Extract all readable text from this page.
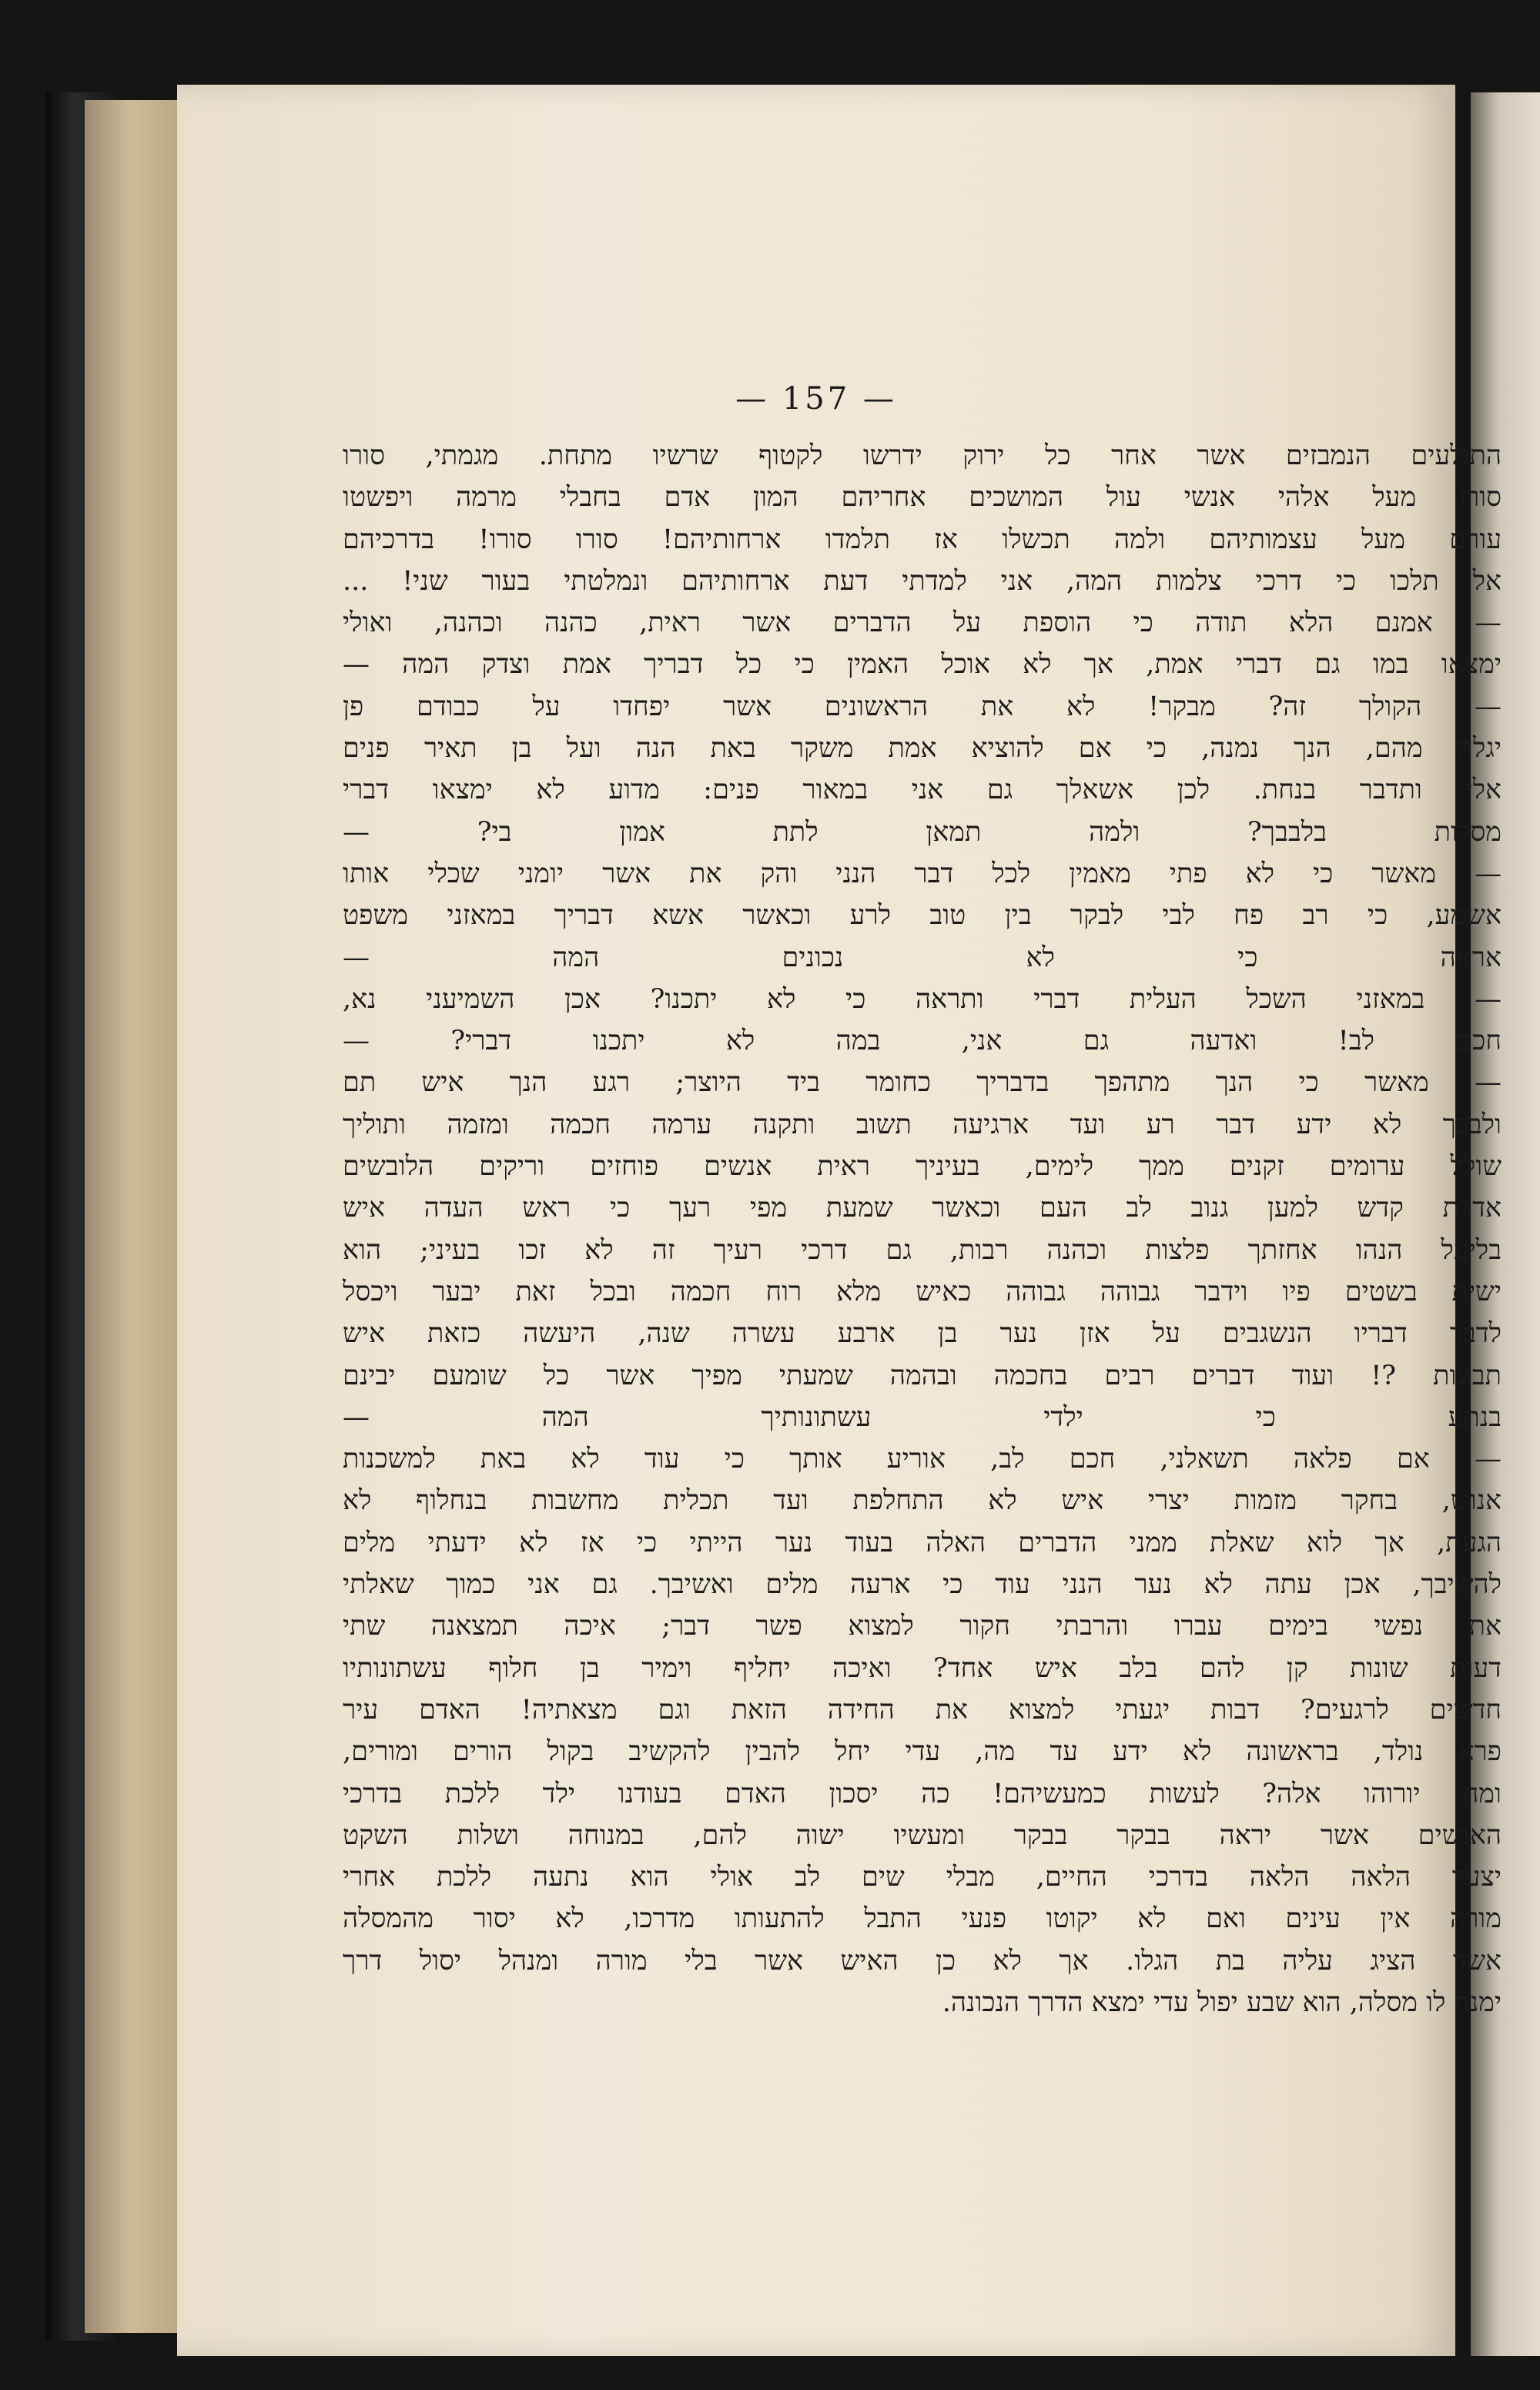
— 157 —
התולעים הנמבזים אשר אחר כל ירוק ידרשו לקטוף שרשיו מתחת. מגמתי, סורו
סורו מעל אלהי אנשי עול המושכים אחריהם המון אדם בחבלי מרמה ויפשטו
עורם מעל עצמותיהם ולמה תכשלו אז תלמדו ארחותיהם! סורו סורו! בדרכיהם
אל תלכו כי דרכי צלמות המה, אני למדתי דעת ארחותיהם ונמלטתי בעור שני! ...
— אמנם הלא תודה כי הוספת על הדברים אשר ראית, כהנה וכהנה, ואולי
ימצאו במו גם דברי אמת, אך לא אוכל האמין כי כל דבריך אמת וצדק המה —
— הקולך זה? מבקר! לא את הראשונים אשר יפחדו על כבודם פן
יגלה מהם, הנך נמנה, כי אם להוציא אמת משקר באת הנה ועל בן תאיר פנים
אלי ותדבר בנחת. לכן אשאלך גם אני במאור פנים: מדוע לא ימצאו דברי
מסלות בלבבך? ולמה תמאן לתת אמון בי? —
— מאשר כי לא פתי מאמין לכל דבר הנני והק את אשר יומני שכלי אותו
אשמע, כי רב פח לבי לבקר בין טוב לרע וכאשר אשא דבריך במאזני משפט
אראה כי לא נכונים המה —
— במאזני השכל העלית דברי ותראה כי לא יתכנו? אכן השמיעני נא,
חכם לב! ואדעה גם אני, במה לא יתכנו דברי? —
— מאשר כי הנך מתהפך בדבריך כחומר ביד היוצר; רגע הנך איש תם
ולבבך לא ידע דבר רע ועד ארגיעה תשוב ותקנה ערמה חכמה ומזמה ותוליך
שולל ערומים זקנים ממך לימים, בעיניך ראית אנשים פוחזים וריקים הלובשים
אדרת קדש למען גנוב לב העם וכאשר שמעת מפי רעך כי ראש העדה איש
בליעל הנהו אחזתך פלצות וכהנה רבות, גם דרכי רעיך זה לא זכו בעיני; הוא
ישית בשטים פיו וידבר גבוהה גבוהה כאיש מלא רוח חכמה ובכל זאת יבער ויכסל
לדבר דבריו הנשגבים על אזן נער בן ארבע עשרה שנה, היעשה כזאת איש
תבונות ?! ועוד דברים רבים בחכמה ובהמה שמעתי מפיך אשר כל שומעם יבינם
בנתע כי ילדי עשתונותיך המה —
— אם פלאה תשאלני, חכם לב, אוריע אותך כי עוד לא באת למשכנות
אנוש, בחקר מזמות יצרי איש לא התחלפת ועד תכלית מחשבות בנחלוף לא
הגעת, אך לוא שאלת ממני הדברים האלה בעוד נער הייתי כי אז לא ידעתי מלים
להשיבך, אכן עתה לא נער הנני עוד כי ארעה מלים ואשיבך. גם אני כמוך שאלתי
את נפשי בימים עברו והרבתי חקור למצוא פשר דבר; איכה תמצאנה שתי
דעות שונות קן להם בלב איש אחד? ואיכה יחליף וימיר בן חלוף עשתונותיו
חדשים לרגעים? דבות יגעתי למצוא את החידה הזאת וגם מצאתיה! האדם עיר
פרא נולד, בראשונה לא ידע עד מה, עדי יחל להבין להקשיב בקול הורים ומורים,
ומה יורוהו אלה? לעשות כמעשיהם! כה יסכון האדם בעודנו ילד ללכת בדרכי
האנשים אשר יראה בבקר בבקר ומעשיו ישוה להם, במנוחה ושלות השקט
יצעד הלאה הלאה בדרכי החיים, מבלי שים לב אולי הוא נתעה ללכת אחרי
מורה אין עינים ואם לא יקוטו פנעי התבל להתעותו מדרכו, לא יסור מהמסלה
אשר הציג עליה בת הגלו. אך לא כן האיש אשר בלי מורה ומנהל יסול דרך
ימנה לו מסלה, הוא שבע יפול עדי ימצא הדרך הנכונה.
